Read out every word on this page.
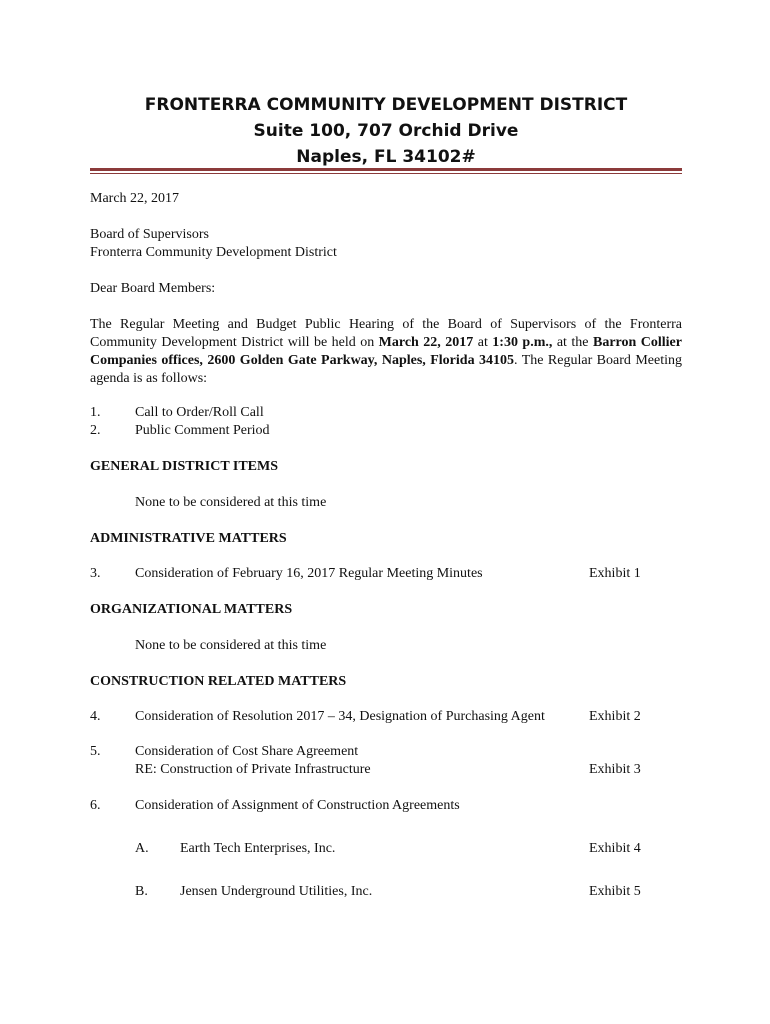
FRONTERRA COMMUNITY DEVELOPMENT DISTRICT
Suite 100, 707 Orchid Drive
Naples, FL 34102#
March 22, 2017
Board of Supervisors
Fronterra Community Development District
Dear Board Members:
The Regular Meeting and Budget Public Hearing of the Board of Supervisors of the Fronterra Community Development District will be held on March 22, 2017 at 1:30 p.m., at the Barron Collier Companies offices, 2600 Golden Gate Parkway, Naples, Florida 34105. The Regular Board Meeting agenda is as follows:
1. Call to Order/Roll Call
2. Public Comment Period
GENERAL DISTRICT ITEMS
None to be considered at this time
ADMINISTRATIVE MATTERS
3. Consideration of February 16, 2017 Regular Meeting Minutes	Exhibit 1
ORGANIZATIONAL MATTERS
None to be considered at this time
CONSTRUCTION RELATED MATTERS
4. Consideration of Resolution 2017 – 34, Designation of Purchasing Agent	Exhibit 2
5. Consideration of Cost Share Agreement
RE: Construction of Private Infrastructure	Exhibit 3
6. Consideration of Assignment of Construction Agreements
A. Earth Tech Enterprises, Inc.	Exhibit 4
B. Jensen Underground Utilities, Inc.	Exhibit 5
